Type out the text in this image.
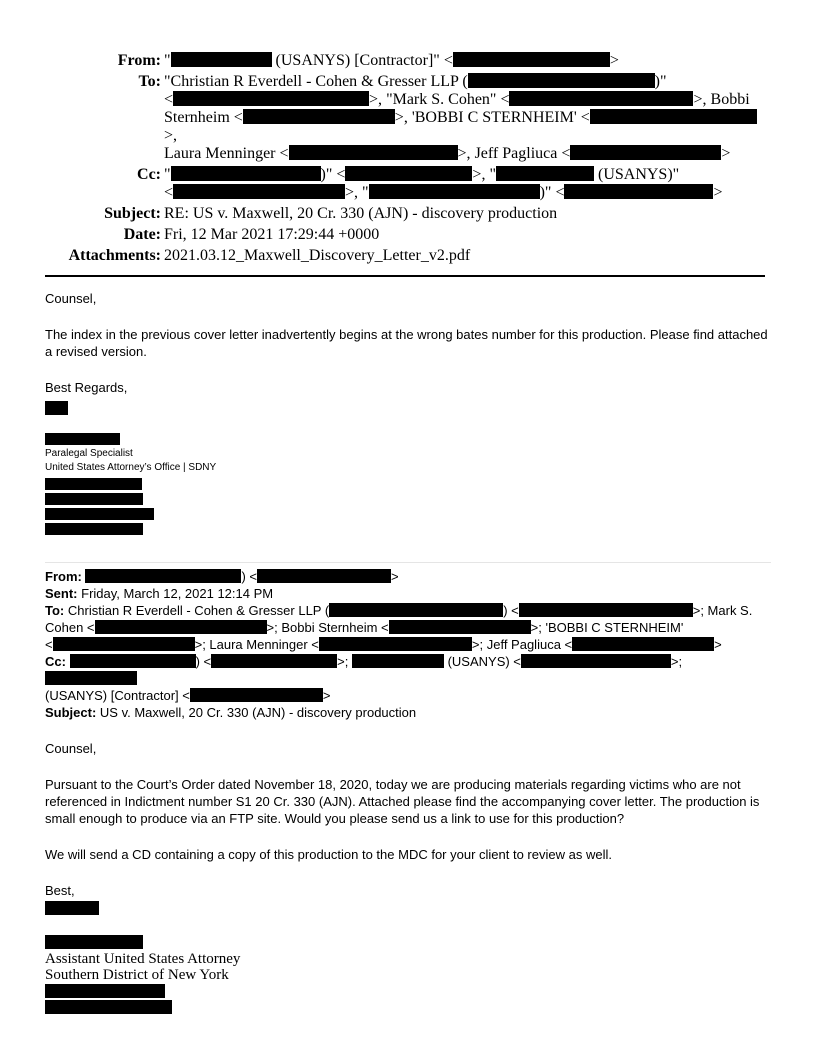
From: "	(USANYS) [Contractor]" <	>
To: "Christian R Everdell - Cohen & Gresser LLP (	)"
<	>, "Mark S. Cohen" <	>, Bobbi
Sternheim <	>, 'BOBBI C STERNHEIM' <>,
Laura Menninger <	>, Jeff Pagliuca <	>
Cc: "	)" <	>, "	(USANYS)"
<	>, "	)" <	>
Subject: RE: US v. Maxwell, 20 Cr. 330 (AJN) - discovery production
Date: Fri, 12 Mar 2021 17:29:44 +0000
Attachments: 2021.03.12_Maxwell_Discovery_Letter_v2.pdf

Counsel,

The index in the previous cover letter inadvertently begins at the wrong bates number for this production. Please find attached a revised version.

Best Regards,
Paralegal Specialist
United States Attorney’s Office | SDNY
From:	) <	>
Sent: Friday, March 12, 2021 12:14 PM
To: Christian R Everdell - Cohen & Gresser LLP (	) <	>; Mark S.
Cohen <	>; Bobbi Sternheim <	>; 'BOBBI C STERNHEIM'
<	>; Laura Menninger <	>; Jeff Pagliuca <	>
Cc:	) <	>;	(USANYS) <	>;
(USANYS) [Contractor] <	>
Subject: US v. Maxwell, 20 Cr. 330 (AJN) - discovery production

Counsel,

Pursuant to the Court’s Order dated November 18, 2020, today we are producing materials regarding victims who are not referenced in Indictment number S1 20 Cr. 330 (AJN). Attached please find the accompanying cover letter. The production is small enough to produce via an FTP site. Would you please send us a link to use for this production?

We will send a CD containing a copy of this production to the MDC for your client to review as well.

Best,
Assistant United States Attorney
Southern District of New York
